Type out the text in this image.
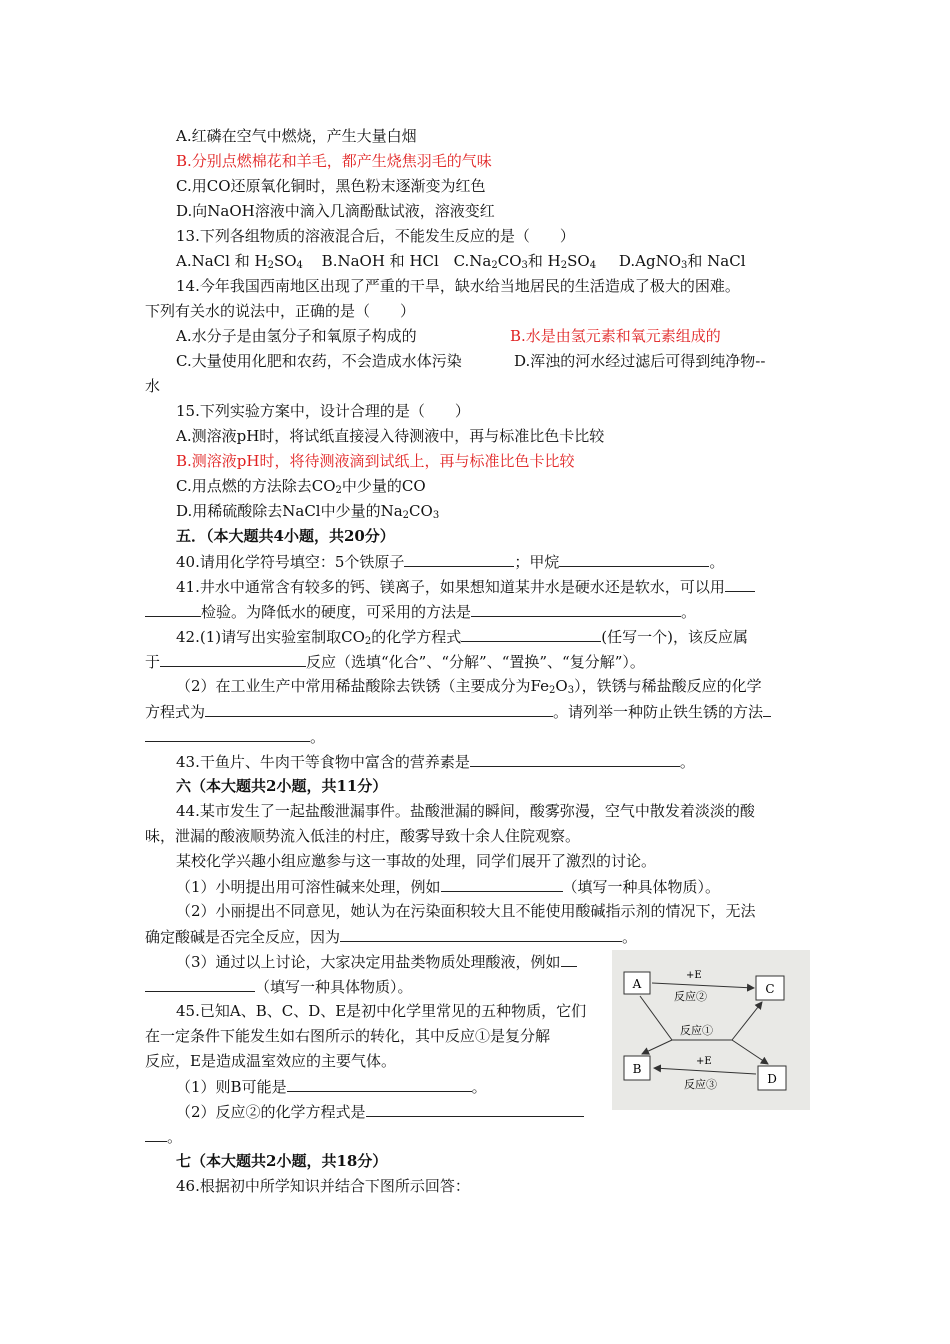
A.红磷在空气中燃烧，产生大量白烟
B.分别点燃棉花和羊毛，都产生烧焦羽毛的气味
C.用CO还原氧化铜时，黑色粉末逐渐变为红色
D.向NaOH溶液中滴入几滴酚酞试液，溶液变红
13.下列各组物质的溶液混合后，不能发生反应的是（　　）
A.NaCl 和 $H_2SO_4$ B.NaOH 和 HCl $C.Na_2CO_3$和 $H_2SO_4$ D.AgNO$_3$和 NaCl
14.今年我国西南地区出现了严重的干旱，缺水给当地居民的生活造成了极大的困难。
下列有关水的说法中，正确的是（　　）
A.水分子是由氢分子和氧原子构成的	B.水是由氢元素和氧元素组成的
C.大量使用化肥和农药，不会造成水体污染	D.浑浊的河水经过滤后可得到纯净物--
水
15.下列实验方案中，设计合理的是（　　）
A.测溶液pH时，将试纸直接浸入待测液中，再与标准比色卡比较
B.测溶液pH时，将待测液滴到试纸上，再与标准比色卡比较
C.用点燃的方法除去$CO_2$中少量的CO
D.用稀硫酸除去NaCl中少量的$Na_2CO_3$
五．（本大题共4小题，共20分）
40.请用化学符号填空：5个铁原子	；甲烷	。
41.井水中通常含有较多的钙、镁离子，如果想知道某井水是硬水还是软水，可以用
检验。为降低水的硬度，可采用的方法是	。
42.(1)请写出实验室制取$CO_2$的化学方程式	(任写一个)，该反应属
于	反应（选填“化合”、“分解”、“置换”、“复分解”）。
（2）在工业生产中常用稀盐酸除去铁锈（主要成分为$Fe_2O_3$），铁锈与稀盐酸反应的化学
方程式为	。请列举一种防止铁生锈的方法
。
43.干鱼片、牛肉干等食物中富含的营养素是	。
六（本大题共2小题，共11分）
44.某市发生了一起盐酸泄漏事件。盐酸泄漏的瞬间，酸雾弥漫，空气中散发着淡淡的酸
味，泄漏的酸液顺势流入低洼的村庄，酸雾导致十余人住院观察。
某校化学兴趣小组应邀参与这一事故的处理，同学们展开了激烈的讨论。
（1）小明提出用可溶性碱来处理，例如	（填写一种具体物质）。
（2）小丽提出不同意见，她认为在污染面积较大且不能使用酸碱指示剂的情况下，无法
确定酸碱是否完全反应，因为	。
（3）通过以上讨论，大家决定用盐类物质处理酸液，例如
（填写一种具体物质）。
45.已知A、B、C、D、E是初中化学里常见的五种物质，它们
在一定条件下能发生如右图所示的转化，其中反应①是复分解
反应，E是造成温室效应的主要气体。
（1）则B可能是	。
（2）反应②的化学方程式是
。
A	C
B
D
+E
反应②
反应①
+E
反应③
七（本大题共2小题，共18分）
46.根据初中所学知识并结合下图所示回答：
